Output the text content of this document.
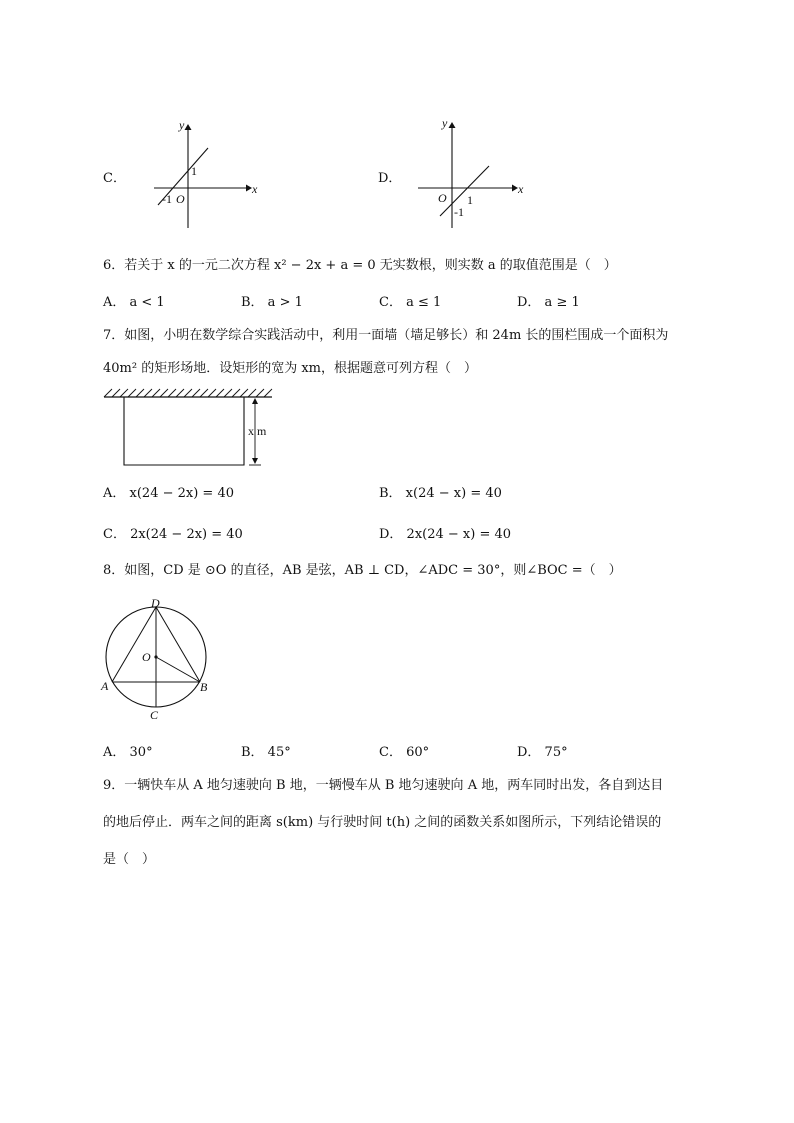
C．
x
y
O
-1
1	D．
x
y
O 1
-1
6．若关于 x 的一元二次方程 x² − 2x + a = 0 无实数根，则实数 a 的取值范围是（　）
A． a < 1	B． a > 1	C． a ≤ 1	D． a ≥ 1
7．如图，小明在数学综合实践活动中，利用一面墙（墙足够长）和 24m 长的围栏围成一个面积为
40m² 的矩形场地．设矩形的宽为 xm，根据题意可列方程（　）
x m
A． x(24 − 2x) = 40	B． x(24 − x) = 40
C． 2x(24 − 2x) = 40	D． 2x(24 − x) = 40
8．如图，CD 是 ⊙O 的直径，AB 是弦，AB ⊥ CD，∠ADC = 30°，则∠BOC =（　）
D
O
A	B
C
A． 30°	B． 45°	C． 60°	D． 75°
9．一辆快车从 A 地匀速驶向 B 地，一辆慢车从 B 地匀速驶向 A 地，两车同时出发，各自到达目
的地后停止．两车之间的距离 s(km) 与行驶时间 t(h) 之间的函数关系如图所示，下列结论错误的
是（　）
